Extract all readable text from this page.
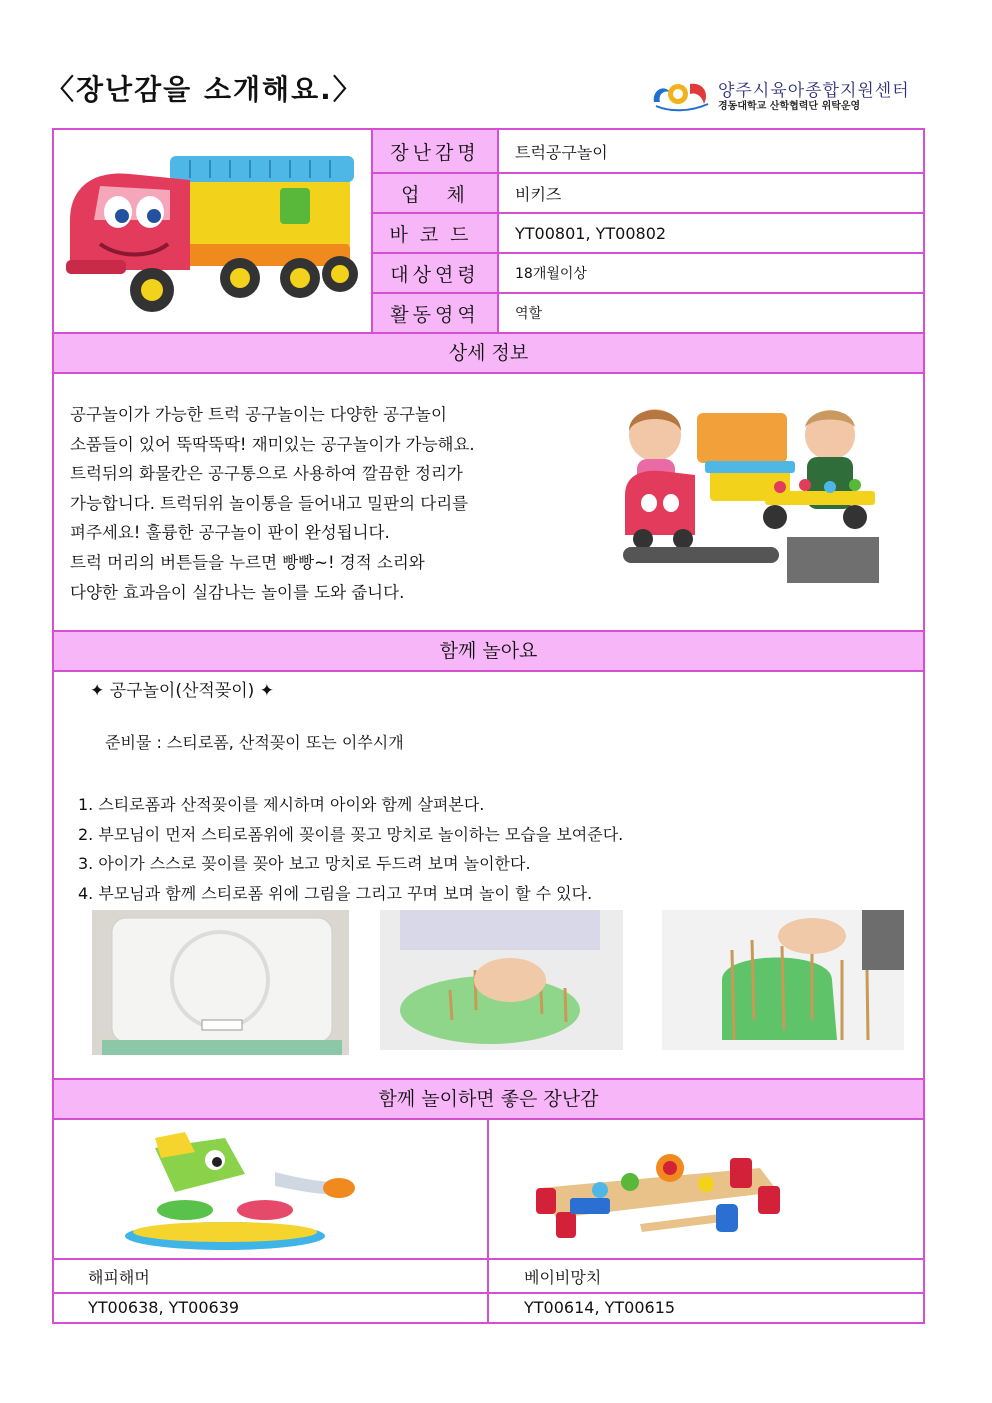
〈장난감을 소개해요.〉	양주시육아종합지원센터
경동대학교 산학협력단 위탁운영
장난감명	트럭공구놀이
업　체	비키즈
바코드	YT00801, YT00802
대상연령	18개월이상
활동영역	역할
상세 정보
공구놀이가 가능한 트럭 공구놀이는 다양한 공구놀이
소품들이 있어 뚝딱뚝딱! 재미있는 공구놀이가 가능해요.
트럭뒤의 화물칸은 공구통으로 사용하여 깔끔한 정리가
가능합니다. 트럭뒤위 놀이통을 들어내고 밀판의 다리를
펴주세요! 훌륭한 공구놀이 판이 완성됩니다.
트럭 머리의 버튼들을 누르면 빵빵~! 경적 소리와
다양한 효과음이 실감나는 놀이를 도와 줍니다.
함께 놀아요
✦ 공구놀이(산적꽂이) ✦
준비물 : 스티로폼, 산적꽂이 또는 이쑤시개
1. 스티로폼과 산적꽂이를 제시하며 아이와 함께 살펴본다.
2. 부모님이 먼저 스티로폼위에 꽂이를 꽂고 망치로 놀이하는 모습을 보여준다.
3. 아이가 스스로 꽂이를 꽂아 보고 망치로 두드려 보며 놀이한다.
4. 부모님과 함께 스티로폼 위에 그림을 그리고 꾸며 보며 놀이 할 수 있다.
함께 놀이하면 좋은 장난감
해피해머
YT00638, YT00639
베이비망치
YT00614, YT00615
